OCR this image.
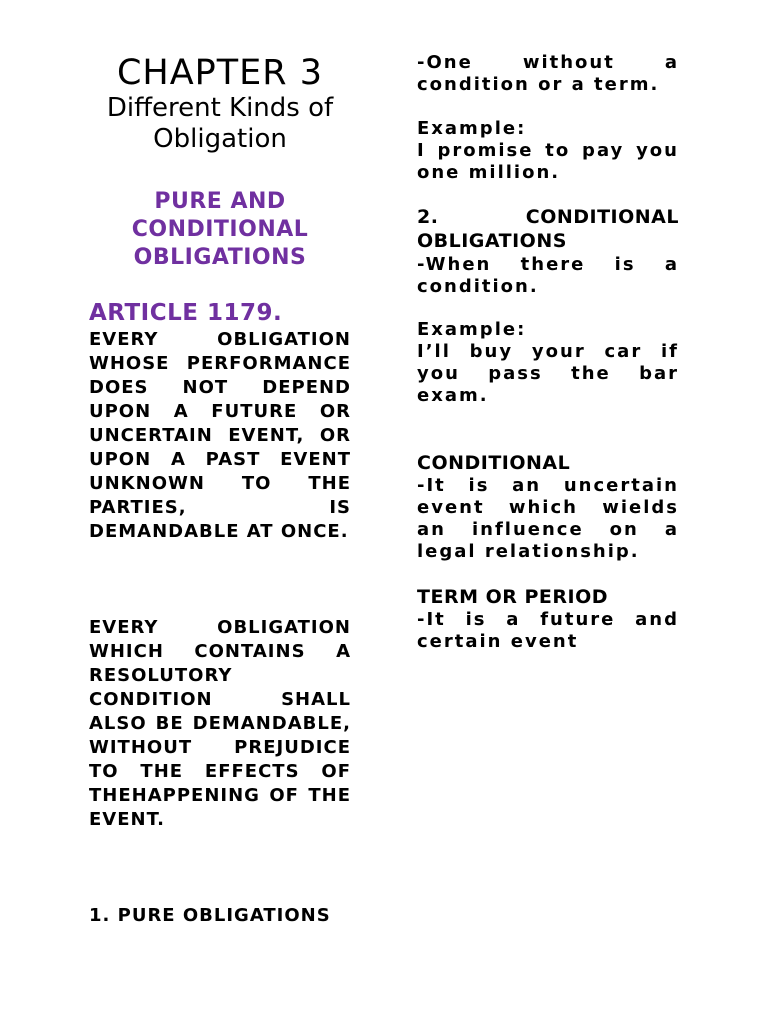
CHAPTER 3
Different Kinds of Obligation
PURE AND CONDITIONAL OBLIGATIONS
ARTICLE 1179.

EVERY OBLIGATION WHOSE PERFORMANCE DOES NOT DEPEND UPON A FUTURE OR UNCERTAIN EVENT, OR UPON A PAST EVENT UNKNOWN TO THE PARTIES, IS DEMANDABLE AT ONCE.

EVERY OBLIGATION WHICH CONTAINS A RESOLUTORY CONDITION SHALL ALSO BE DEMANDABLE, WITHOUT PREJUDICE TO THE EFFECTS OF THEHAPPENING OF THE EVENT.

1. PURE OBLIGATIONS

-One without a condition or a term.

Example:

I promise to pay you one million.

2. CONDITIONAL OBLIGATIONS

-When there is a condition.

Example:

I’ll buy your car if you pass the bar exam.

CONDITIONAL

-It is an uncertain event which wields an influence on a legal relationship.

TERM OR PERIOD

-It is a future and certain event
